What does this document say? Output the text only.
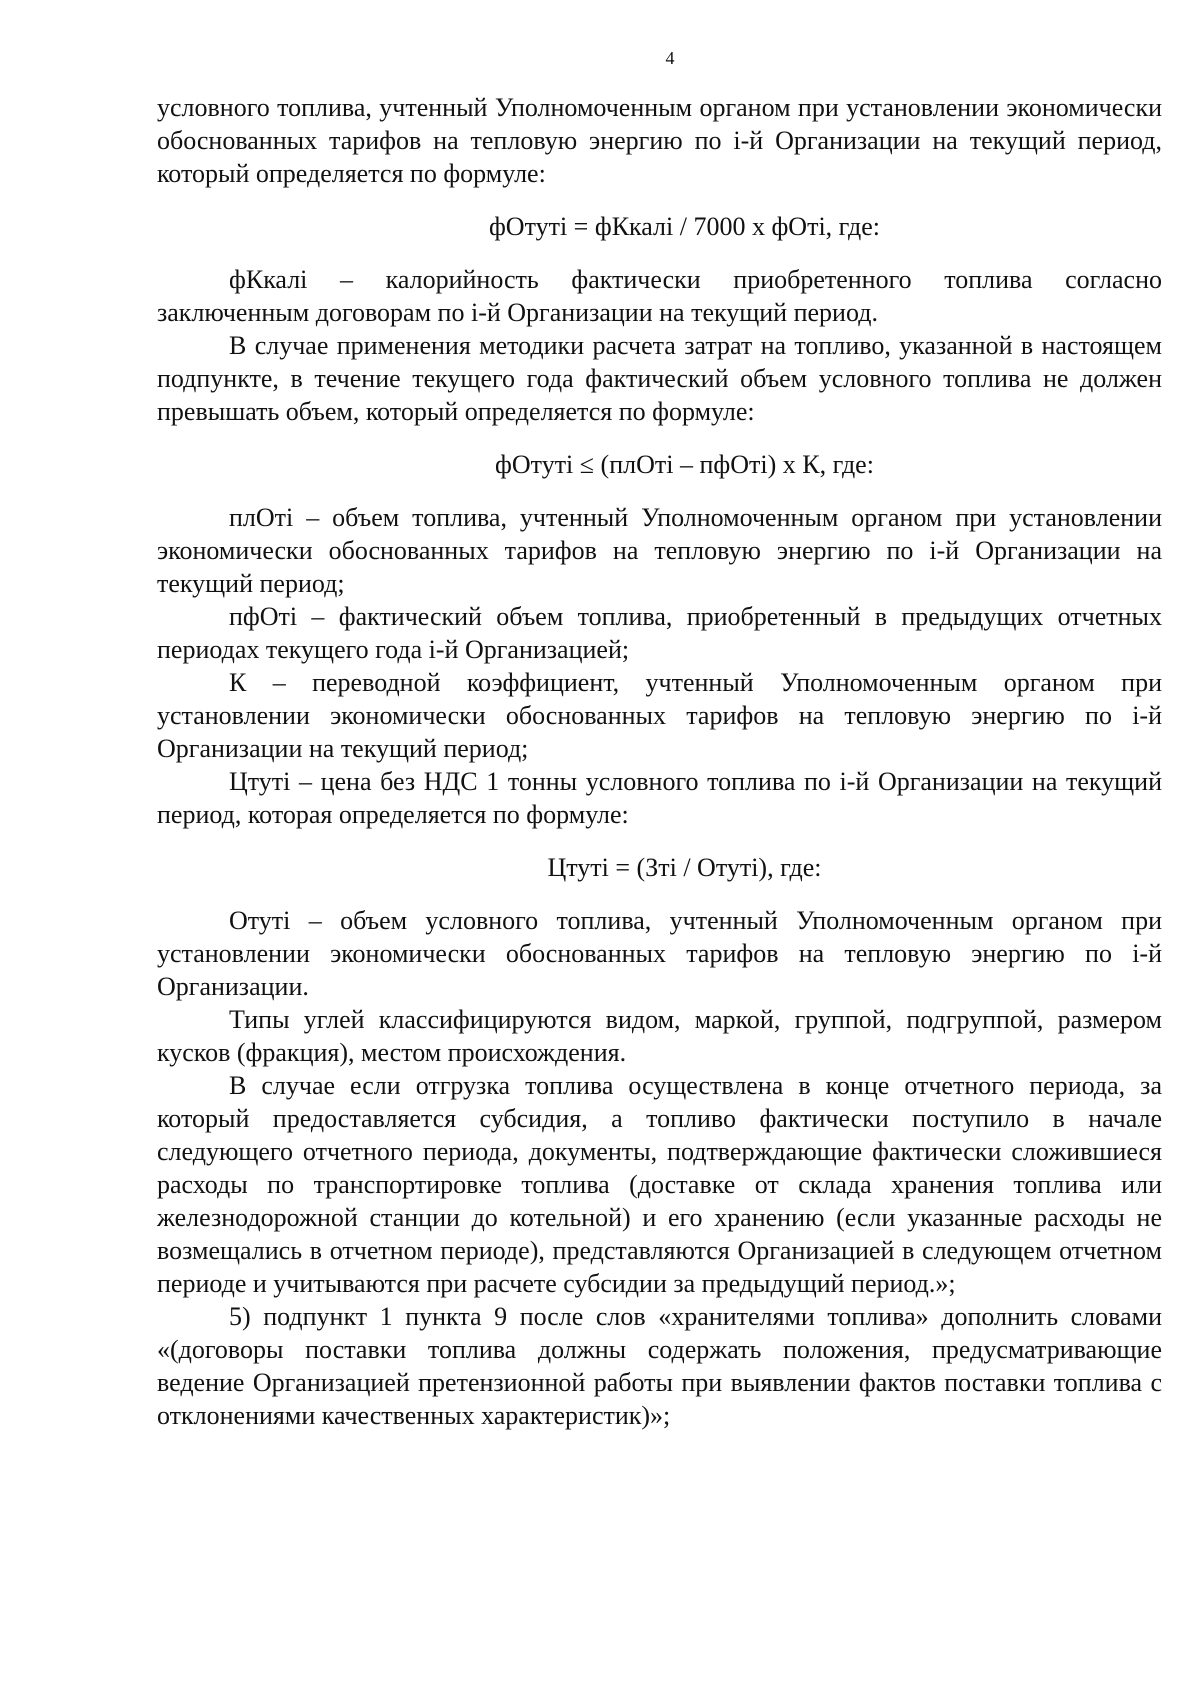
4

условного топлива, учтенный Уполномоченным органом при установлении экономически обоснованных тарифов на тепловую энергию по i-й Организации на текущий период, который определяется по формуле:

фОтуті = фКкалі / 7000 х фОті, где:

фКкалі – калорийность фактически приобретенного топлива согласно заключенным договорам по i-й Организации на текущий период.

В случае применения методики расчета затрат на топливо, указанной в настоящем подпункте, в течение текущего года фактический объем условного топлива не должен превышать объем, который определяется по формуле:

фОтуті ≤ (плОті – пфОті) х К, где:

плОті – объем топлива, учтенный Уполномоченным органом при установлении экономически обоснованных тарифов на тепловую энергию по i-й Организации на текущий период;

пфОті – фактический объем топлива, приобретенный в предыдущих отчетных периодах текущего года i-й Организацией;

К – переводной коэффициент, учтенный Уполномоченным органом при установлении экономически обоснованных тарифов на тепловую энергию по i-й Организации на текущий период;

Цтуті – цена без НДС 1 тонны условного топлива по i-й Организации на текущий период, которая определяется по формуле:

Цтуті = (Зті / Отуті), где:

Отуті – объем условного топлива, учтенный Уполномоченным органом при установлении экономически обоснованных тарифов на тепловую энергию по i-й Организации.

Типы углей классифицируются видом, маркой, группой, подгруппой, размером кусков (фракция), местом происхождения.

В случае если отгрузка топлива осуществлена в конце отчетного периода, за который предоставляется субсидия, а топливо фактически поступило в начале следующего отчетного периода, документы, подтверждающие фактически сложившиеся расходы по транспортировке топлива (доставке от склада хранения топлива или железнодорожной станции до котельной) и его хранению (если указанные расходы не возмещались в отчетном периоде), представляются Организацией в следующем отчетном периоде и учитываются при расчете субсидии за предыдущий период.»;

5) подпункт 1 пункта 9 после слов «хранителями топлива» дополнить словами «(договоры поставки топлива должны содержать положения, предусматривающие ведение Организацией претензионной работы при выявлении фактов поставки топлива с отклонениями качественных характеристик)»;
